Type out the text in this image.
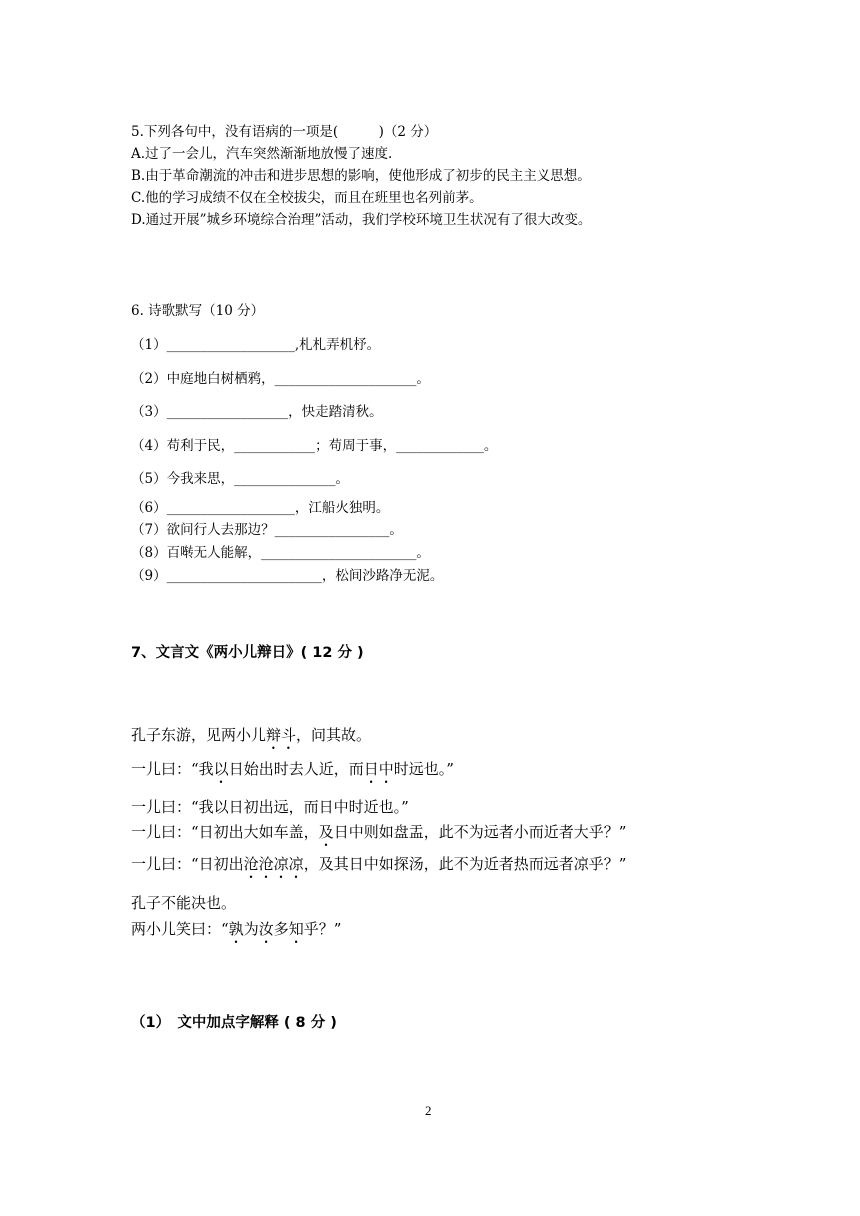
5.下列各句中，没有语病的一项是(　　　)（2 分）
A.过了一会儿，汽车突然渐渐地放慢了速度.
B.由于革命潮流的冲击和进步思想的影响，使他形成了初步的民主主义思想。
C.他的学习成绩不仅在全校拔尖，而且在班里也名列前茅。
D.通过开展”城乡环境综合治理”活动，我们学校环境卫生状况有了很大改变。
6. 诗歌默写（10 分）
（1）___________________,札札弄机杼。
（2）中庭地白树栖鸦，_____________________。
（3）__________________，快走踏清秋。
（4）苟利于民，____________；苟周于事，_____________。
（5）今我来思，_______________。
（6）___________________，江船火独明。
（7）欲问行人去那边？_________________。
（8）百啭无人能解，_______________________。
（9）_______________________，松间沙路净无泥。
7、文言文《两小儿辩日》( 12 分 )
孔子东游，见两小儿辩斗，问其故。
一儿曰：“我以日始出时去人近，而日中时远也。”
一儿曰：“我以日初出远，而日中时近也。”
一儿曰：“日初出大如车盖，及日中则如盘盂，此不为远者小而近者大乎？”
一儿曰：“日初出沧沧凉凉，及其日中如探汤，此不为近者热而远者凉乎？”
孔子不能决也。
两小儿笑曰：“孰为汝多知乎？”
（1）　文中加点字解释 ( 8 分 )
2
